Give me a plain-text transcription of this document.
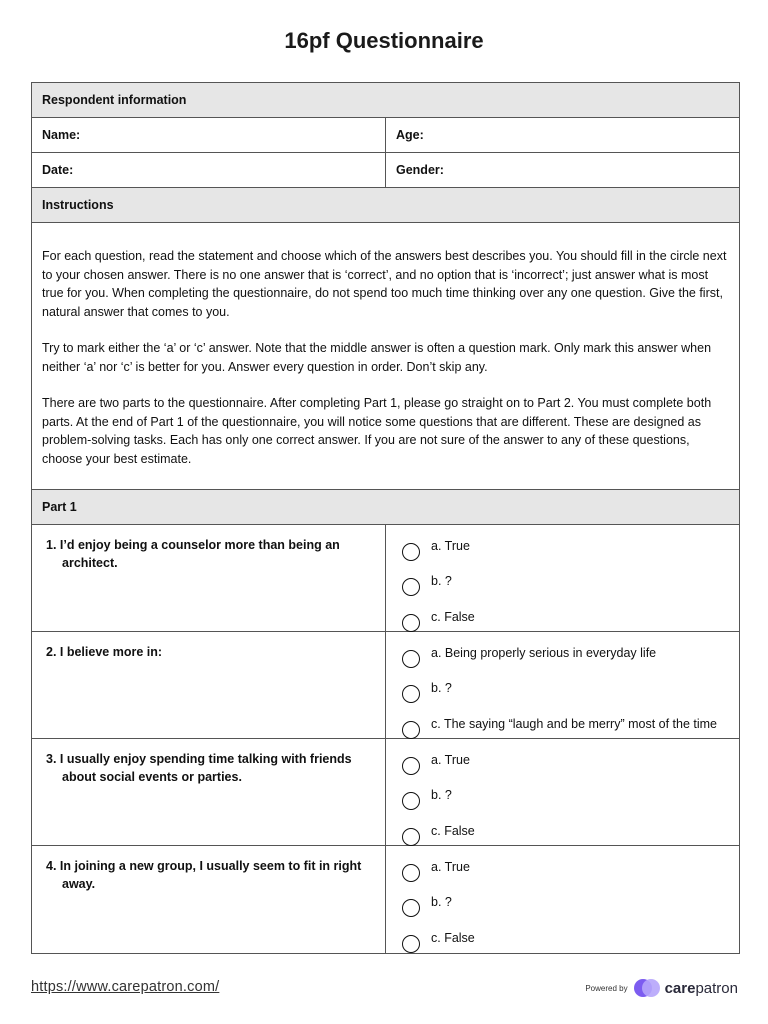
16pf Questionnaire
Respondent information
Name:	Age:
Date:	Gender:
Instructions

For each question, read the statement and choose which of the answers best describes you. You should fill in the circle next to your chosen answer. There is no one answer that is ‘correct’, and no option that is ‘incorrect’; just answer what is most true for you. When completing the questionnaire, do not spend too much time thinking over any one question. Give the first, natural answer that comes to you.

Try to mark either the ‘a’ or ‘c’ answer. Note that the middle answer is often a question mark. Only mark this answer when neither ‘a’ nor ‘c’ is better for you. Answer every question in order. Don’t skip any.

There are two parts to the questionnaire. After completing Part 1, please go straight on to Part 2. You must complete both parts. At the end of Part 1 of the questionnaire, you will notice some questions that are different. These are designed as problem-solving tasks. Each has only one correct answer. If you are not sure of the answer to any of these questions, choose your best estimate.

Part 1

1. I’d enjoy being a counselor more than being an architect.

a. True
b. ?
c. False

2. I believe more in:	a. Being properly serious in everyday life
b. ?
c. The saying “laugh and be merry” most of the time

3. I usually enjoy spending time talking with friends about social events or parties.

a. True
b. ?
c. False

4. In joining a new group, I usually seem to fit in right away.

a. True
b. ?
c. False
https://www.carepatron.com/	Powered by carepatron
